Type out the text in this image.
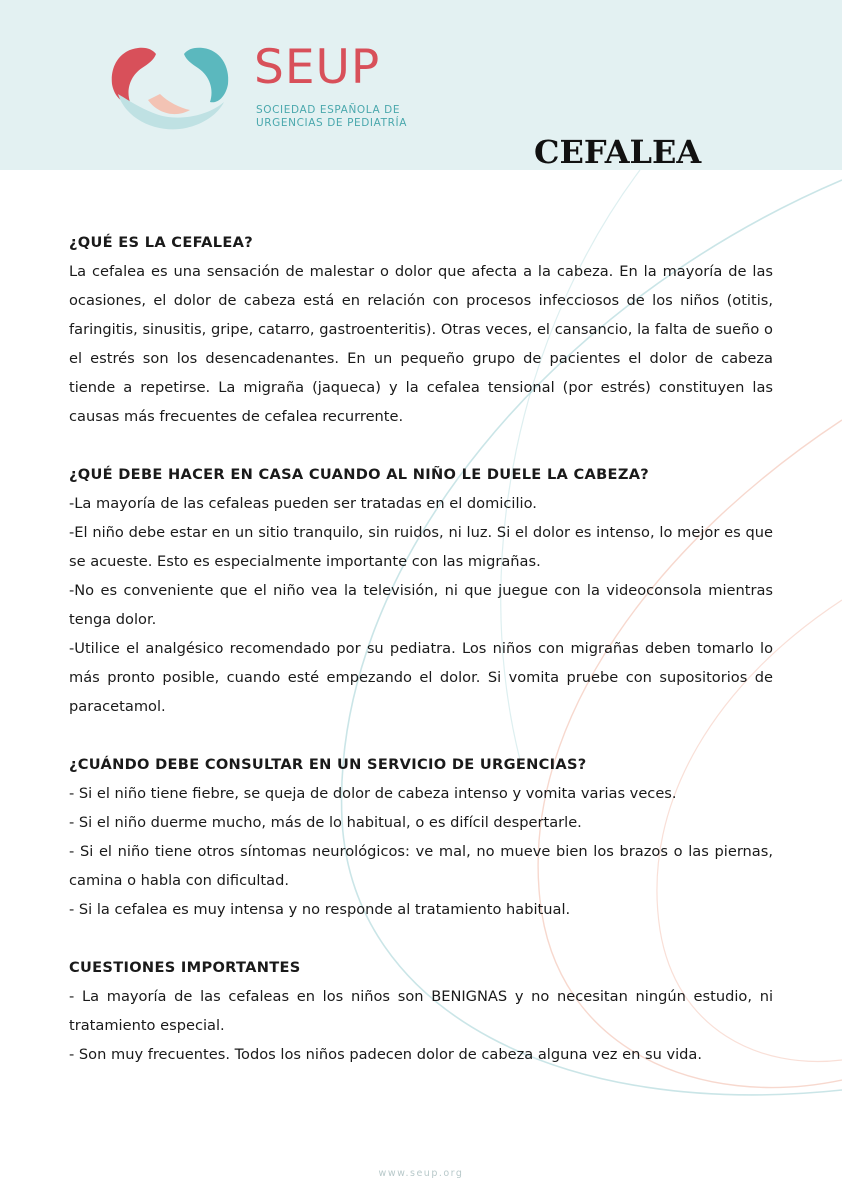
SEUP
SOCIEDAD ESPAÑOLA DE
URGENCIAS DE PEDIATRÍA
CEFALEA
¿QUÉ ES LA CEFALEA?

La cefalea es una sensación de malestar o dolor que afecta a la cabeza. En la mayoría de las ocasiones, el dolor de cabeza está en relación con procesos infecciosos de los niños (otitis, faringitis, sinusitis, gripe, catarro, gastroenteritis). Otras veces, el cansancio, la falta de sueño o el estrés son los desencadenantes. En un pequeño grupo de pacientes el dolor de cabeza tiende a repetirse. La migraña (jaqueca) y la cefalea tensional (por estrés) constituyen las causas más frecuentes de cefalea recurrente.

¿QUÉ DEBE HACER EN CASA CUANDO AL NIÑO LE DUELE LA CABEZA?

-La mayoría de las cefaleas pueden ser tratadas en el domicilio.

-El niño debe estar en un sitio tranquilo, sin ruidos, ni luz. Si el dolor es intenso, lo mejor es que se acueste. Esto es especialmente importante con las migrañas.

-No es conveniente que el niño vea la televisión, ni que juegue con la videoconsola mientras tenga dolor.

-Utilice el analgésico recomendado por su pediatra. Los niños con migrañas deben tomarlo lo más pronto posible, cuando esté empezando el dolor. Si vomita pruebe con supositorios de paracetamol.

¿CUÁNDO DEBE CONSULTAR EN UN SERVICIO DE URGENCIAS?

- Si el niño tiene fiebre, se queja de dolor de cabeza intenso y vomita varias veces.

- Si el niño duerme mucho, más de lo habitual, o es difícil despertarle.

- Si el niño tiene otros síntomas neurológicos: ve mal, no mueve bien los brazos o las piernas, camina o habla con dificultad.

- Si la cefalea es muy intensa y no responde al tratamiento habitual.

CUESTIONES IMPORTANTES

- La mayoría de las cefaleas en los niños son BENIGNAS y no necesitan ningún estudio, ni tratamiento especial.

- Son muy frecuentes. Todos los niños padecen dolor de cabeza alguna vez en su vida.

www.seup.org
